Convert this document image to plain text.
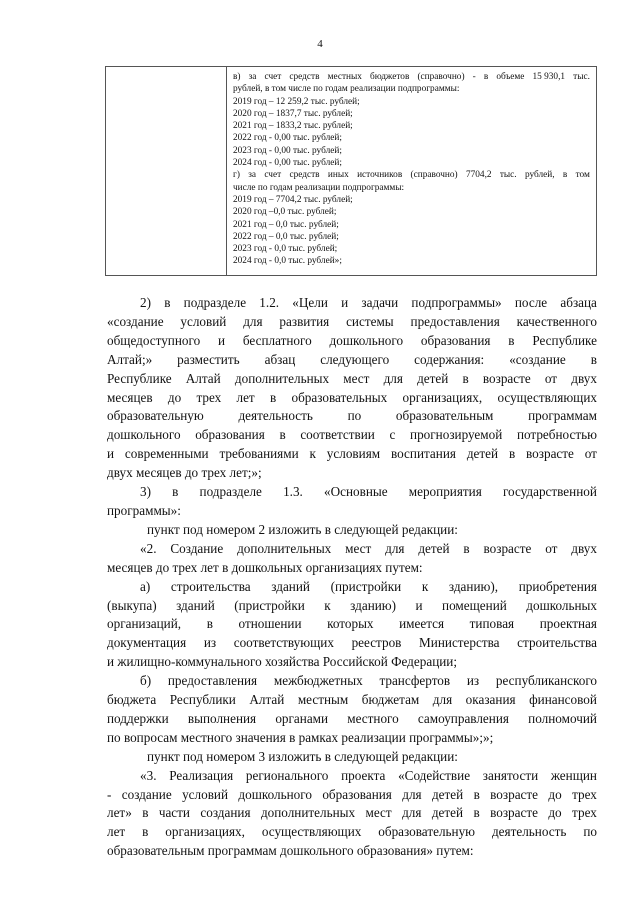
4
в) за счет средств местных бюджетов (справочно) - в объеме 15 930,1 тыс.
рублей, в том числе по годам реализации подпрограммы:
2019 год – 12 259,2 тыс. рублей;
2020 год – 1837,7 тыс. рублей;
2021 год – 1833,2 тыс. рублей;
2022 год - 0,00 тыс. рублей;
2023 год - 0,00 тыс. рублей;
2024 год - 0,00 тыс. рублей;
г) за счет средств иных источников (справочно) 7704,2 тыс. рублей, в том
числе по годам реализации подпрограммы:
2019 год – 7704,2 тыс. рублей;
2020 год –0,0 тыс. рублей;
2021 год – 0,0 тыс. рублей;
2022 год – 0,0 тыс. рублей;
2023 год - 0,0 тыс. рублей;
2024 год - 0,0 тыс. рублей»;
2) в подразделе 1.2. «Цели и задачи подпрограммы» после абзаца
«создание условий для развития системы предоставления качественного
общедоступного и бесплатного дошкольного образования в Республике
Алтай;» разместить абзац следующего содержания: «создание в
Республике Алтай дополнительных мест для детей в возрасте от двух
месяцев до трех лет в образовательных организациях, осуществляющих
образовательную	деятельность	по	образовательным	программам
дошкольного образования в соответствии с прогнозируемой потребностью
и современными требованиями к условиям воспитания детей в возрасте от
двух месяцев до трех лет;»;
3) в подразделе 1.3. «Основные мероприятия государственной
программы»:
пункт под номером 2 изложить в следующей редакции:
«2. Создание дополнительных мест для детей в возрасте от двух
месяцев до трех лет в дошкольных организациях путем:
а) строительства зданий (пристройки к зданию), приобретения
(выкупа) зданий (пристройки к зданию) и помещений дошкольных
организаций, в отношении которых имеется типовая проектная
документация из соответствующих реестров Министерства строительства
и жилищно-коммунального хозяйства Российской Федерации;
б) предоставления межбюджетных трансфертов из республиканского
бюджета Республики Алтай местным бюджетам для оказания финансовой
поддержки выполнения органами местного самоуправления полномочий
по вопросам местного значения в рамках реализации программы»;»;
пункт под номером 3 изложить в следующей редакции:
«3. Реализация регионального проекта «Содействие занятости женщин
- создание условий дошкольного образования для детей в возрасте до трех
лет» в части создания дополнительных мест для детей в возрасте до трех
лет в организациях, осуществляющих образовательную деятельность по
образовательным программам дошкольного образования» путем:
